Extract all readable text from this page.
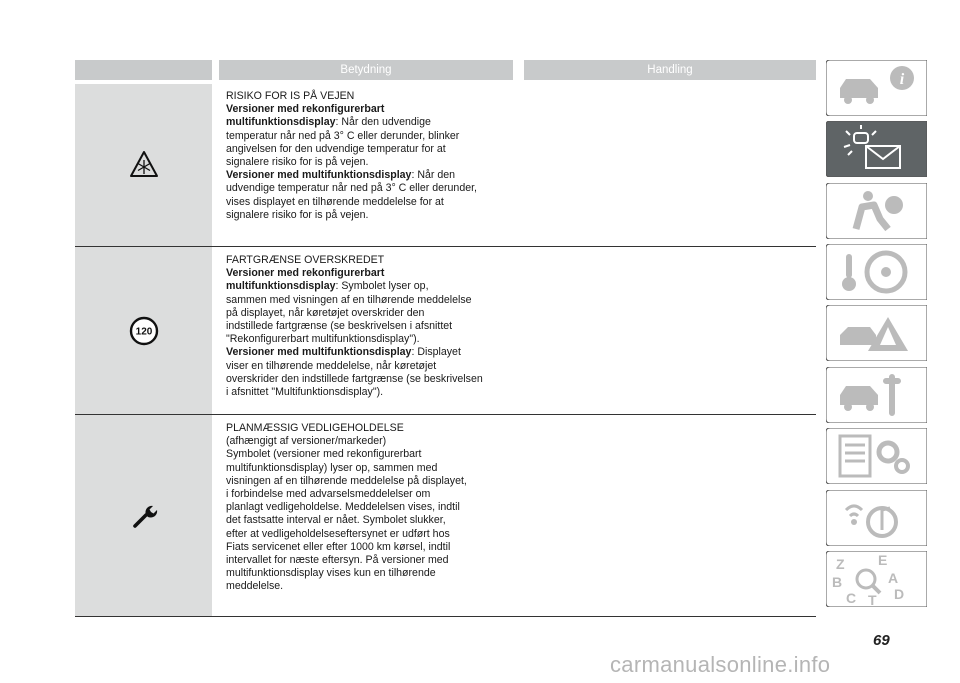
Betydning	Handling
RISIKO FOR IS PÅ VEJEN
Versioner med rekonfigurerbart
multifunktionsdisplay: Når den udvendige
temperatur når ned på 3° C eller derunder, blinker
angivelsen for den udvendige temperatur for at
signalere risiko for is på vejen.
Versioner med multifunktionsdisplay: Når den
udvendige temperatur når ned på 3° C eller derunder,
vises displayet en tilhørende meddelelse for at
signalere risiko for is på vejen.
120
FARTGRÆNSE OVERSKREDET
Versioner med rekonfigurerbart
multifunktionsdisplay: Symbolet lyser op,
sammen med visningen af en tilhørende meddelelse
på displayet, når køretøjet overskrider den
indstillede fartgrænse (se beskrivelsen i afsnittet
"Rekonfigurerbart multifunktionsdisplay").
Versioner med multifunktionsdisplay: Displayet
viser en tilhørende meddelelse, når køretøjet
overskrider den indstillede fartgrænse (se beskrivelsen
i afsnittet "Multifunktionsdisplay").
PLANMÆSSIG VEDLIGEHOLDELSE
(afhængigt af versioner/markeder)
Symbolet (versioner med rekonfigurerbart
multifunktionsdisplay) lyser op, sammen med
visningen af en tilhørende meddelelse på displayet,
i forbindelse med advarselsmeddelelser om
planlagt vedligeholdelse. Meddelelsen vises, indtil
det fastsatte interval er nået. Symbolet slukker,
efter at vedligeholdelseseftersynet er udført hos
Fiats servicenet eller efter 1000 km kørsel, indtil
intervallet for næste eftersyn. På versioner med
multifunktionsdisplay vises kun en tilhørende
meddelelse.
i
Z E
B	A
C T D
69
carmanualsonline.info
